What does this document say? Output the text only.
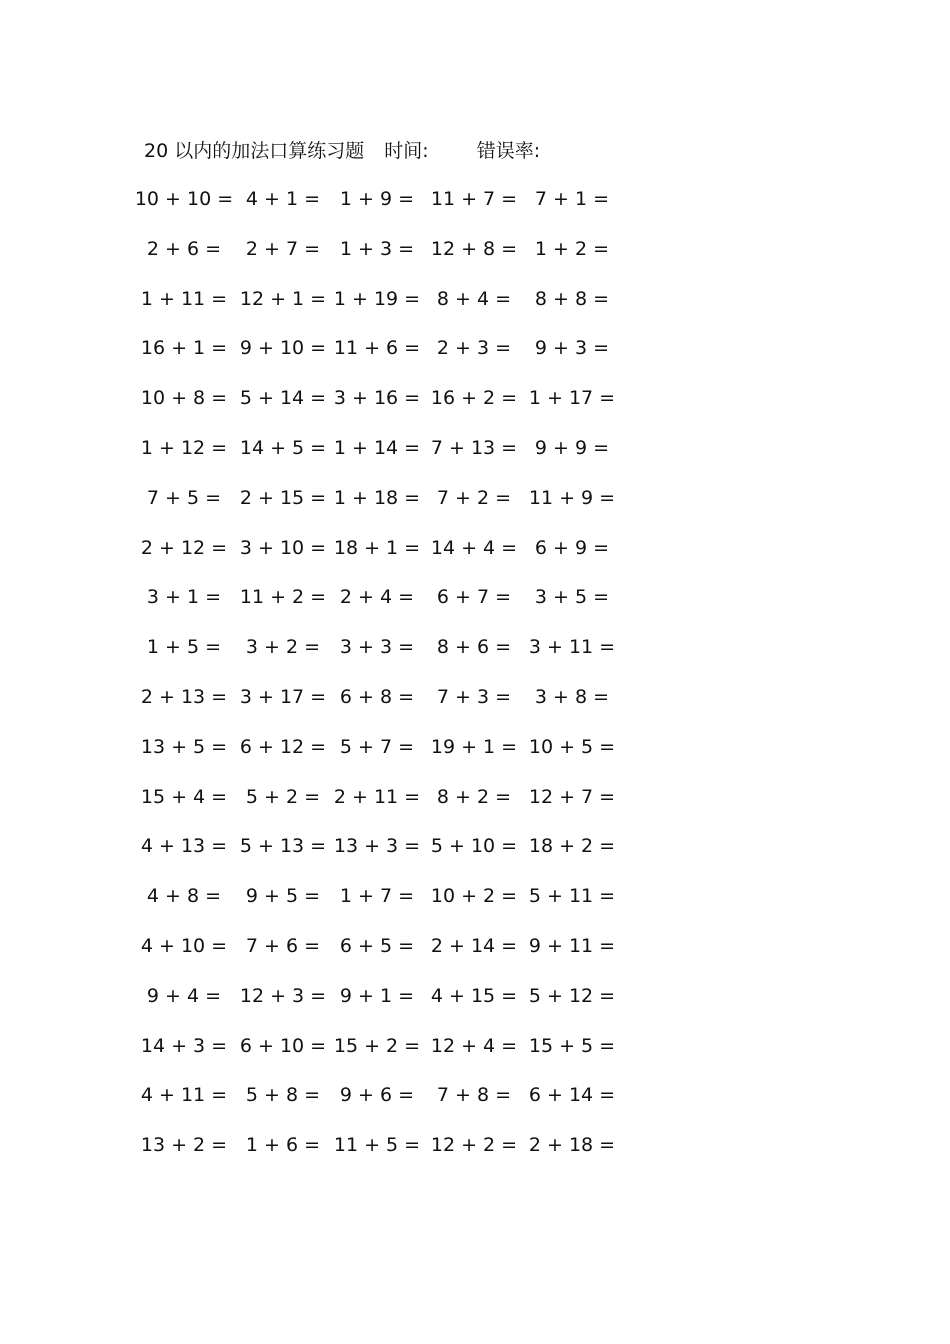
20 以内的加法口算练习题 时间:	错误率:
10 + 10 = 4 + 1 = 1 + 9 = 11 + 7 = 7 + 1 =
2 + 6 = 2 + 7 = 1 + 3 = 12 + 8 = 1 + 2 =
1 + 11 = 12 + 1 = 1 + 19 = 8 + 4 = 8 + 8 =
16 + 1 = 9 + 10 = 11 + 6 = 2 + 3 = 9 + 3 =
10 + 8 = 5 + 14 = 3 + 16 = 16 + 2 = 1 + 17 =
1 + 12 = 14 + 5 = 1 + 14 = 7 + 13 = 9 + 9 =
7 + 5 = 2 + 15 = 1 + 18 = 7 + 2 = 11 + 9 =
2 + 12 = 3 + 10 = 18 + 1 = 14 + 4 = 6 + 9 =
3 + 1 = 11 + 2 = 2 + 4 = 6 + 7 = 3 + 5 =
1 + 5 = 3 + 2 = 3 + 3 = 8 + 6 = 3 + 11 =
2 + 13 = 3 + 17 = 6 + 8 = 7 + 3 = 3 + 8 =
13 + 5 = 6 + 12 = 5 + 7 = 19 + 1 = 10 + 5 =
15 + 4 = 5 + 2 = 2 + 11 = 8 + 2 = 12 + 7 =
4 + 13 = 5 + 13 = 13 + 3 = 5 + 10 = 18 + 2 =
4 + 8 = 9 + 5 = 1 + 7 = 10 + 2 = 5 + 11 =
4 + 10 = 7 + 6 = 6 + 5 = 2 + 14 = 9 + 11 =
9 + 4 = 12 + 3 = 9 + 1 = 4 + 15 = 5 + 12 =
14 + 3 = 6 + 10 = 15 + 2 = 12 + 4 = 15 + 5 =
4 + 11 = 5 + 8 = 9 + 6 = 7 + 8 = 6 + 14 =
13 + 2 = 1 + 6 = 11 + 5 = 12 + 2 = 2 + 18 =
